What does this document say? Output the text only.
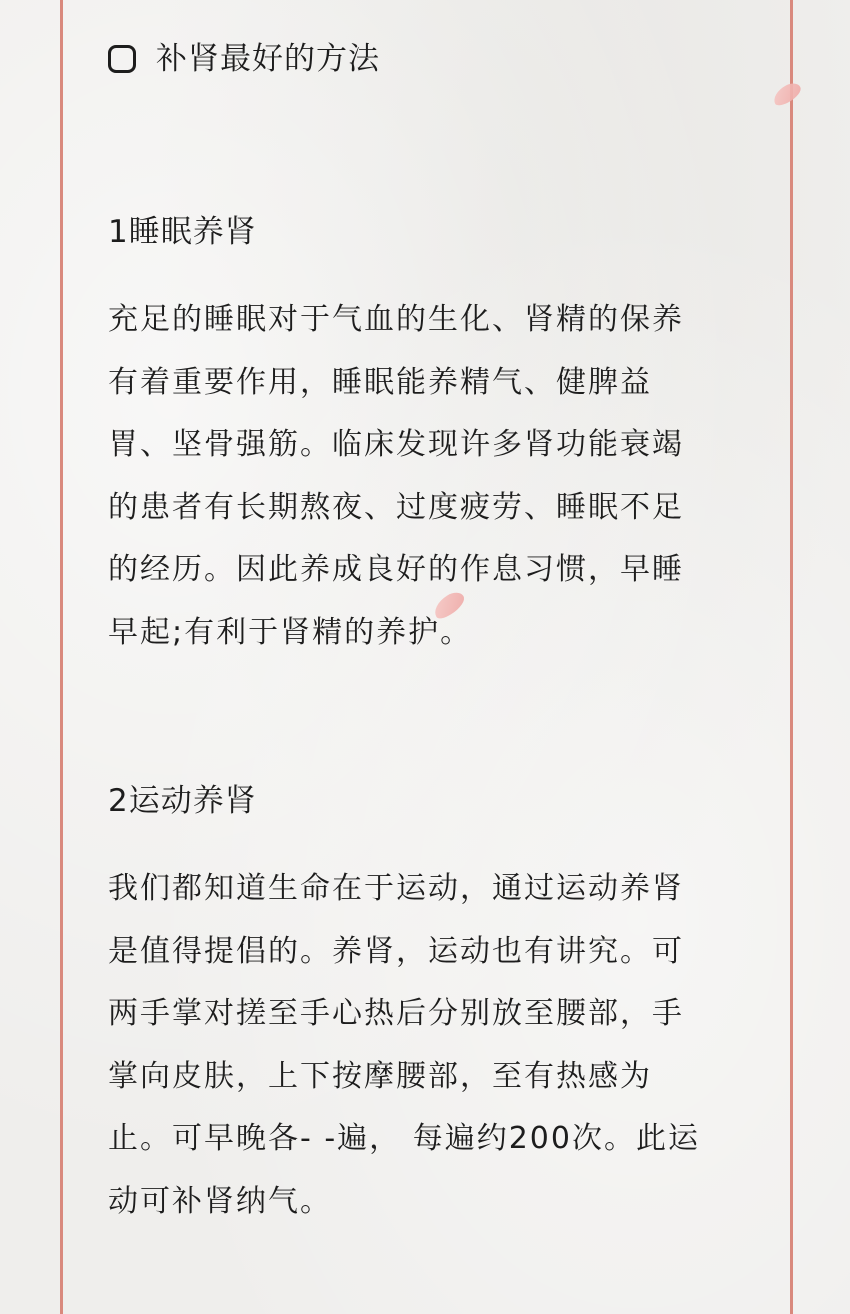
补肾最好的方法
1睡眠养肾
充足的睡眠对于气血的生化、肾精的保养
有着重要作用，睡眠能养精气、健脾益
胃、坚骨强筋。临床发现许多肾功能衰竭
的患者有长期熬夜、过度疲劳、睡眠不足
的经历。因此养成良好的作息习惯，早睡
早起;有利于肾精的养护。
2运动养肾
我们都知道生命在于运动，通过运动养肾
是值得提倡的。养肾，运动也有讲究。可
两手掌对搓至手心热后分别放至腰部，手
掌向皮肤，上下按摩腰部，至有热感为
止。可早晚各- -遍， 每遍约200次。此运
动可补肾纳气。
